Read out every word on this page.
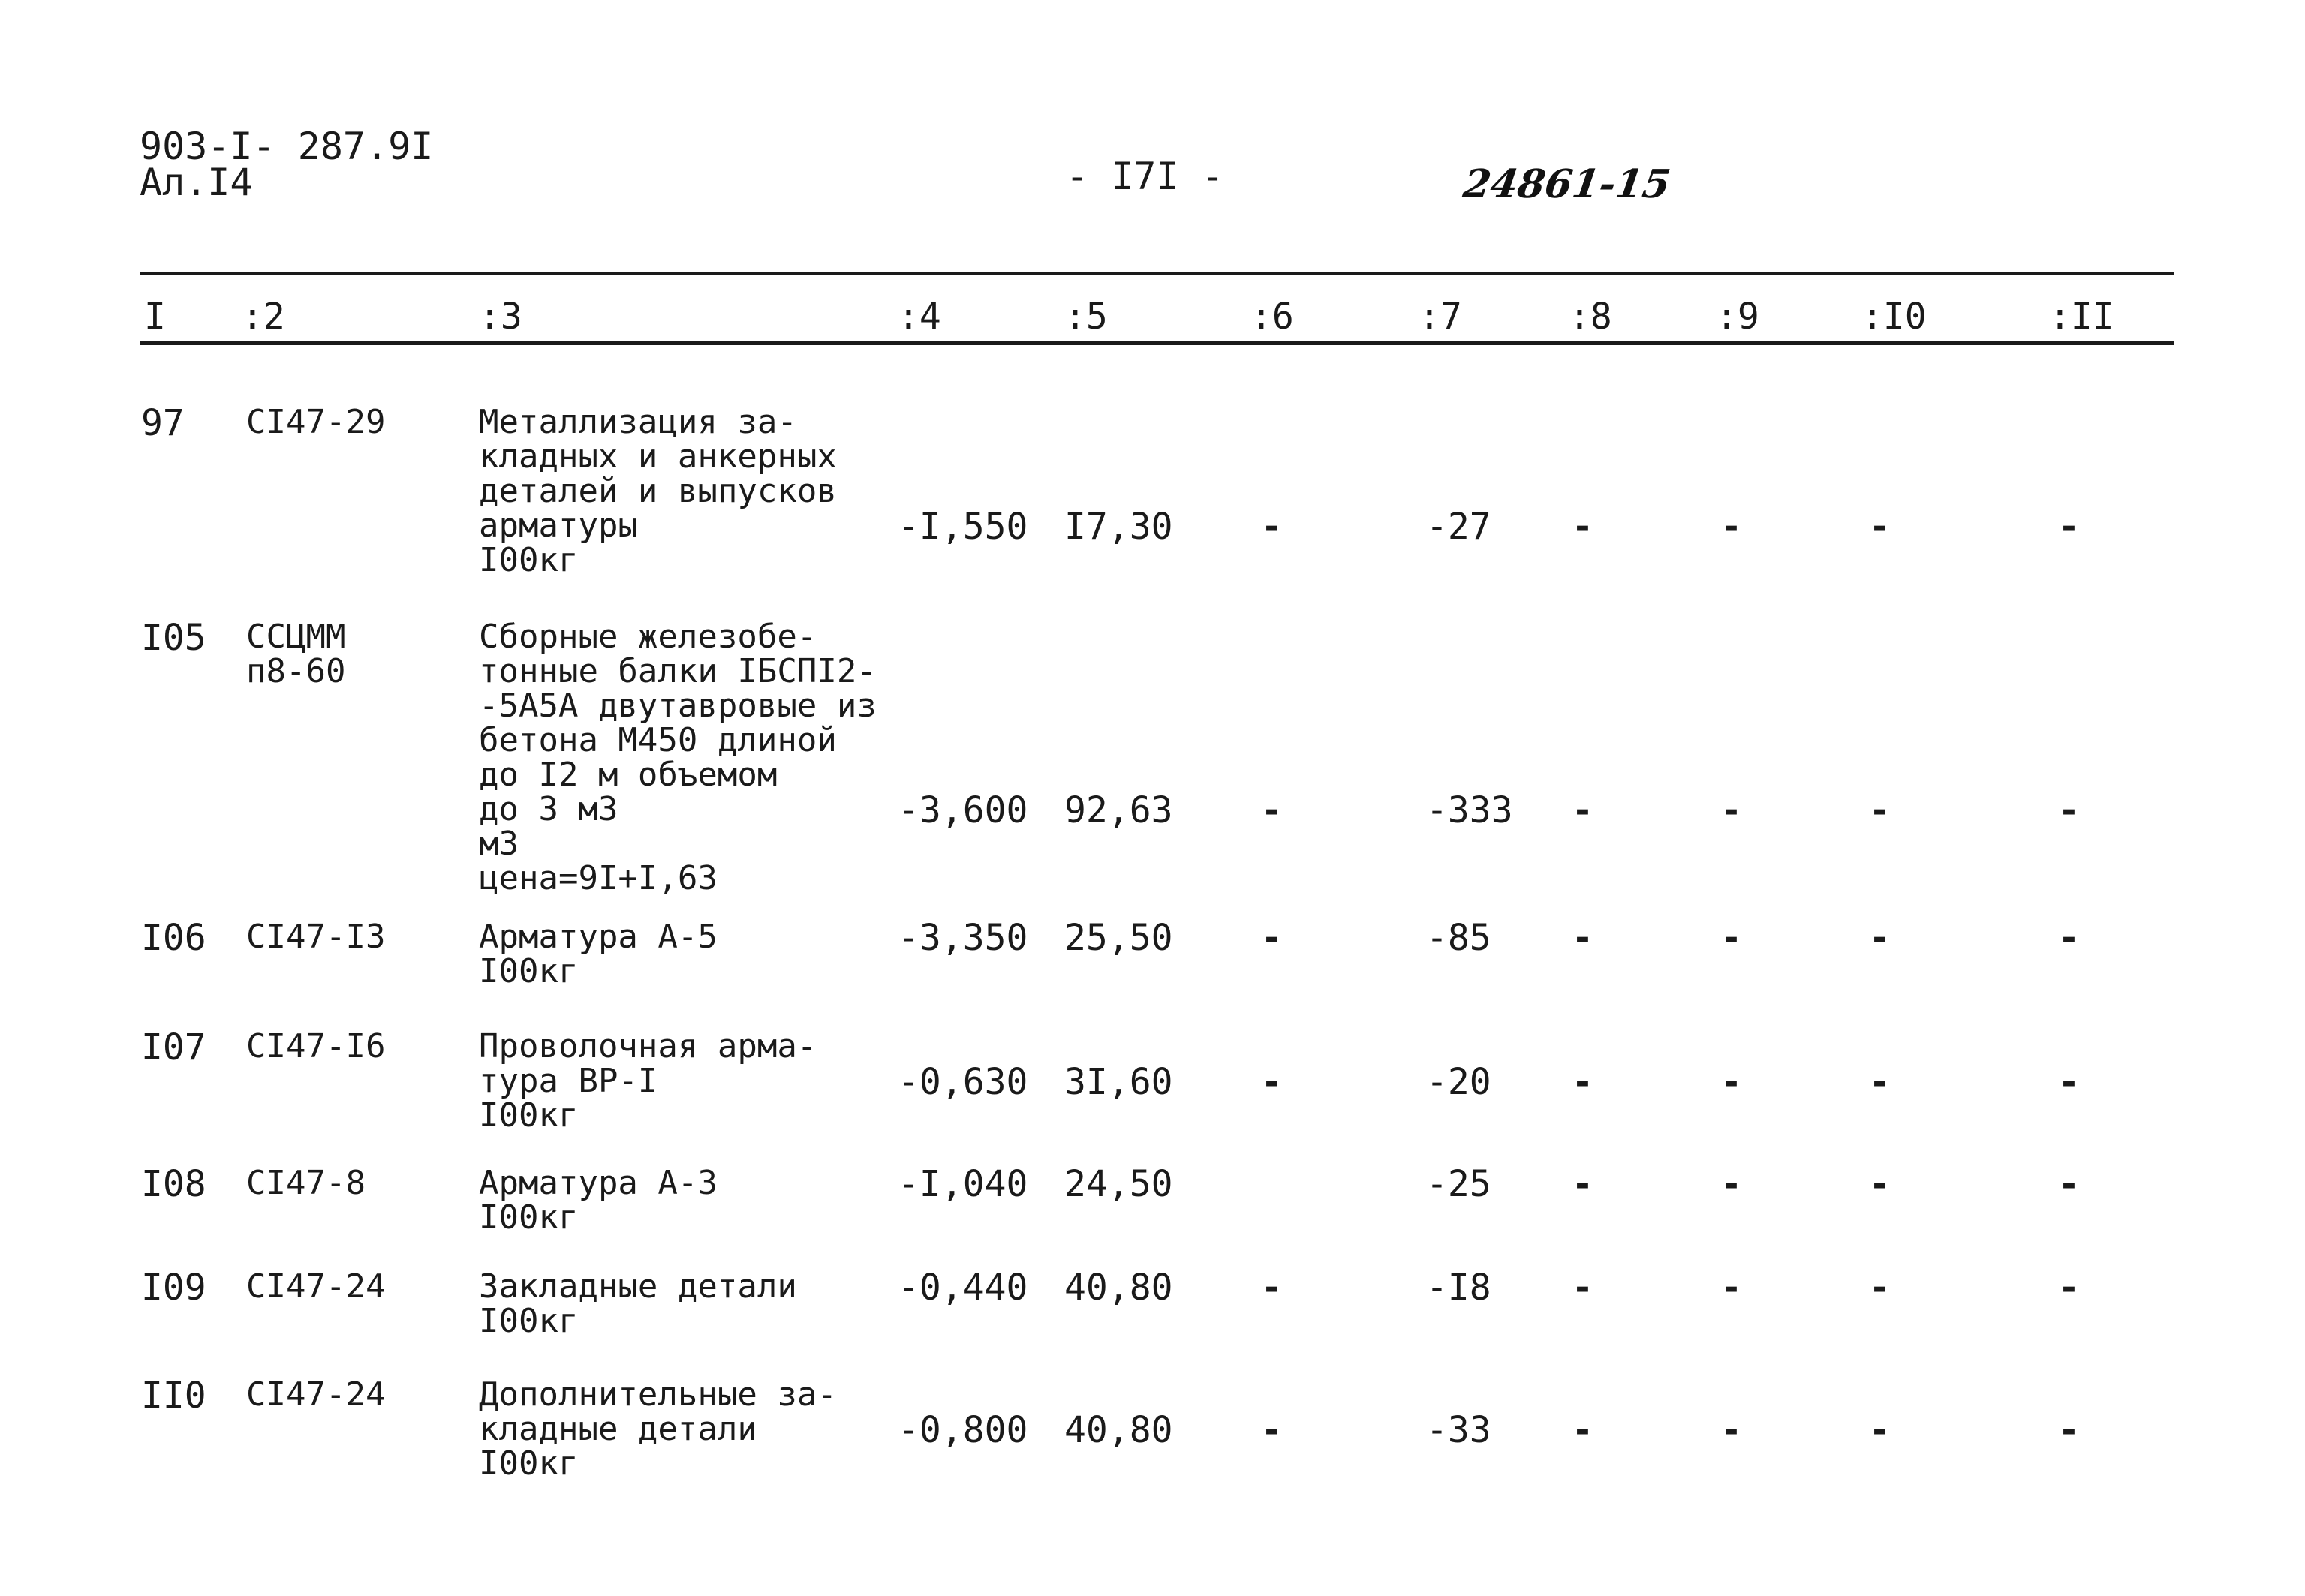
903-I- 287.9I
Ал.I4	- I7I -	24861-15
I :2	:3	:4	:5	:6	:7	:8	:9	:I0	:II
97 CI47-29	Металлизация за-
кладных и анкерных
деталей и выпусков
арматуры
I00кг
-I,550 I7,30 -	-27 -	-	-	-
I05 ССЦММ
п8-60
Сборные железобе-
тонные балки IБСПI2-
-5А5А двутавровые из
бетона М450 длиной
до I2 м объемом
до 3 м3
м3
цена=9I+I,63
-3,600 92,63 -	-333 -	-	-	-
I06 CI47-I3	Арматура А-5
I00кг
-3,350 25,50 -	-85 -	-	-	-
I07 CI47-I6	Проволочная арма-
тура ВР-I
I00кг
-0,630 3I,60 -	-20 -	-	-	-
I08 CI47-8	Арматура А-3
I00кг
-I,040 24,50	-25 -	-	-	-
I09 CI47-24	Закладные детали
I00кг
-0,440 40,80 -	-I8 -	-	-	-
II0 CI47-24	Дополнительные за-
кладные детали
I00кг
-0,800 40,80 -	-33 -	-	-	-
